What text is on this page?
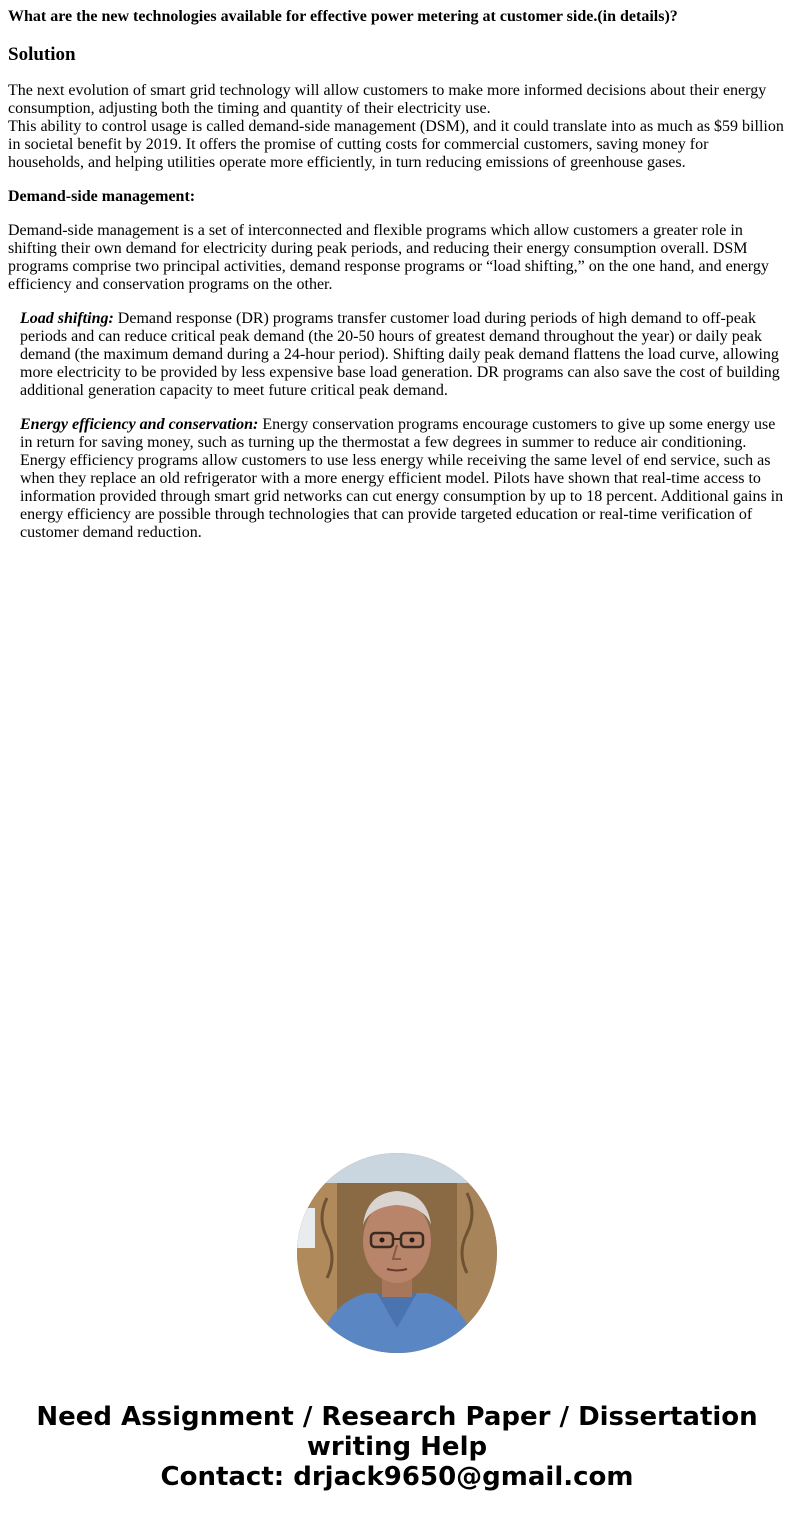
What are the new technologies available for effective power metering at customer side.(in details)?
Solution
The next evolution of smart grid technology will allow customers to make more informed decisions about their energy consumption, adjusting both the timing and quantity of their electricity use.
This ability to control usage is called demand-side management (DSM), and it could translate into as much as $59 billion in societal benefit by 2019. It offers the promise of cutting costs for commercial customers, saving money for households, and helping utilities operate more efficiently, in turn reducing emissions of greenhouse gases.
Demand-side management:
Demand-side management is a set of interconnected and flexible programs which allow customers a greater role in shifting their own demand for electricity during peak periods, and reducing their energy consumption overall. DSM programs comprise two principal activities, demand response programs or “load shifting,” on the one hand, and energy efficiency and conservation programs on the other.
Load shifting: Demand response (DR) programs transfer customer load during periods of high demand to off-peak periods and can reduce critical peak demand (the 20-50 hours of greatest demand throughout the year) or daily peak demand (the maximum demand during a 24-hour period). Shifting daily peak demand flattens the load curve, allowing more electricity to be provided by less expensive base load generation. DR programs can also save the cost of building additional generation capacity to meet future critical peak demand.
Energy efficiency and conservation: Energy conservation programs encourage customers to give up some energy use in return for saving money, such as turning up the thermostat a few degrees in summer to reduce air conditioning. Energy efficiency programs allow customers to use less energy while receiving the same level of end service, such as when they replace an old refrigerator with a more energy efficient model. Pilots have shown that real-time access to information provided through smart grid networks can cut energy consumption by up to 18 percent. Additional gains in energy efficiency are possible through technologies that can provide targeted education or real-time verification of customer demand reduction.
Need Assignment / Research Paper / Dissertation
writing Help
Contact: drjack9650@gmail.com
